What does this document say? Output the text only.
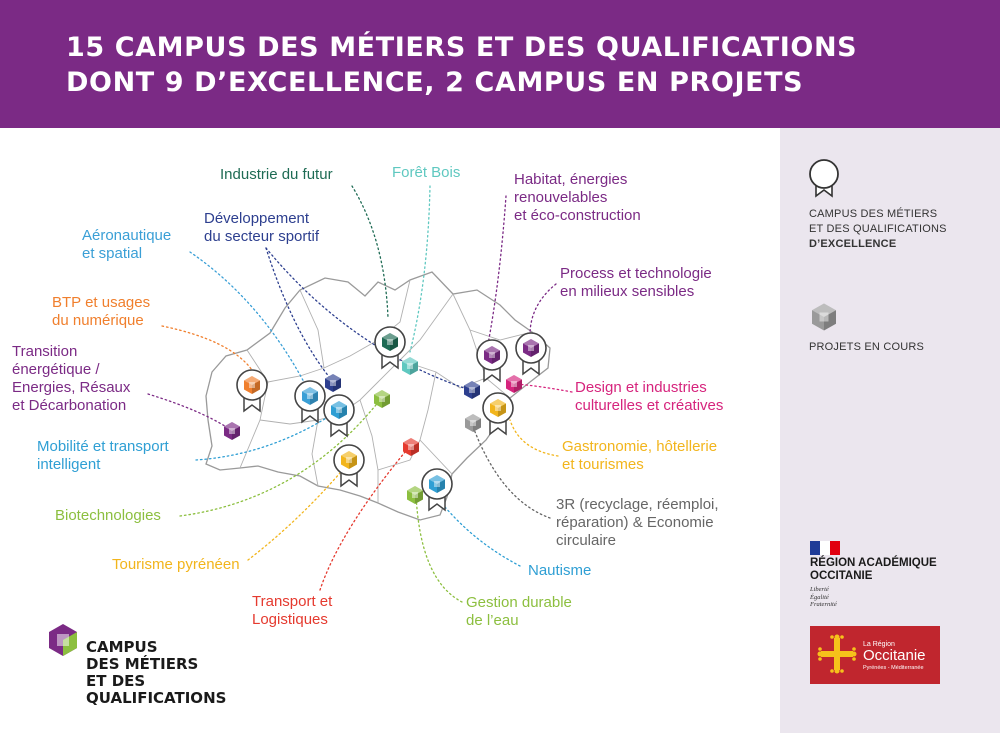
15 CAMPUS DES MÉTIERS ET DES QUALIFICATIONS
DONT 9 D’EXCELLENCE, 2 CAMPUS EN PROJETS
Industrie du futur	Forêt Bois	Habitat, énergies
renouvelables
et éco-construction
Développement
du secteur sportif
Aéronautique
et spatial
Process et technologie
en milieux sensibles
BTP et usages
du numérique
Transition
énergétique /
Energies, Résaux
et Décarbonation
Design et industries
culturelles et créatives
Mobilité et transport
intelligent
Gastronomie, hôtellerie
et tourismes
Biotechnologies
3R (recyclage, réemploi,
réparation) & Economie
circulaire
Tourisme pyrénéen	Nautisme
Transport et
Logistiques
Gestion durable
de l’eau
CAMPUS DES MÉTIERS
ET DES QUALIFICATIONS
D’EXCELLENCE
PROJETS EN COURS
CAMPUS
DES MÉTIERS
ET DES
QUALIFICATIONS
RÉGION ACADÉMIQUE
OCCITANIE
Liberté
Égalité
Fraternité
La Région
Occitanie
Pyrénées - Méditerranée
